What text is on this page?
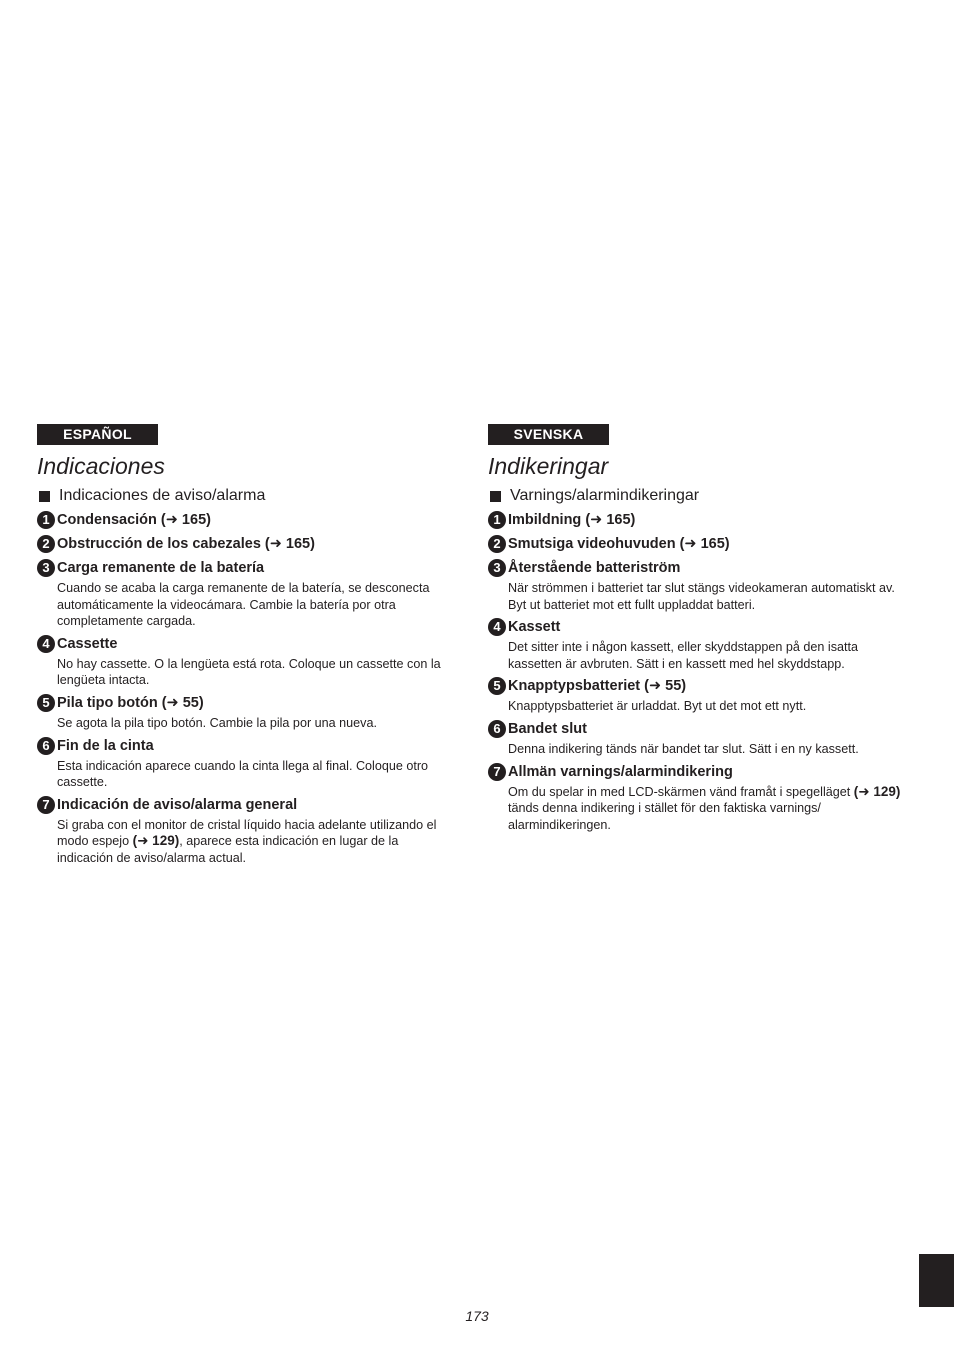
ESPAÑOL
Indicaciones
Indicaciones de aviso/alarma
1 Condensación (➜ 165)
2 Obstrucción de los cabezales (➜ 165)
3 Carga remanente de la batería
Cuando se acaba la carga remanente de la batería, se desconecta automáticamente la videocámara. Cambie la batería por otra completamente cargada.
4 Cassette
No hay cassette. O la lengüeta está rota. Coloque un cassette con la lengüeta intacta.
5 Pila tipo botón (➜ 55)
Se agota la pila tipo botón. Cambie la pila por una nueva.
6 Fin de la cinta
Esta indicación aparece cuando la cinta llega al final. Coloque otro cassette.
7 Indicación de aviso/alarma general
Si graba con el monitor de cristal líquido hacia adelante utilizando el modo espejo (➜ 129), aparece esta indicación en lugar de la indicación de aviso/alarma actual.
SVENSKA
Indikeringar
Varnings/alarmindikeringar
1 Imbildning (➜ 165)
2 Smutsiga videohuvuden (➜ 165)
3 Återstående batteriström
När strömmen i batteriet tar slut stängs videokameran automatiskt av. Byt ut batteriet mot ett fullt uppladdat batteri.
4 Kassett
Det sitter inte i någon kassett, eller skyddstappen på den isatta kassetten är avbruten. Sätt i en kassett med hel skyddstapp.
5 Knapptypsbatteriet (➜ 55)
Knapptypsbatteriet är urladdat. Byt ut det mot ett nytt.
6 Bandet slut
Denna indikering tänds när bandet tar slut. Sätt i en ny kassett.
7 Allmän varnings/alarmindikering
Om du spelar in med LCD-skärmen vänd framåt i spegelläget (➜ 129) tänds denna indikering i stället för den faktiska varnings/ alarmindikeringen.
173
